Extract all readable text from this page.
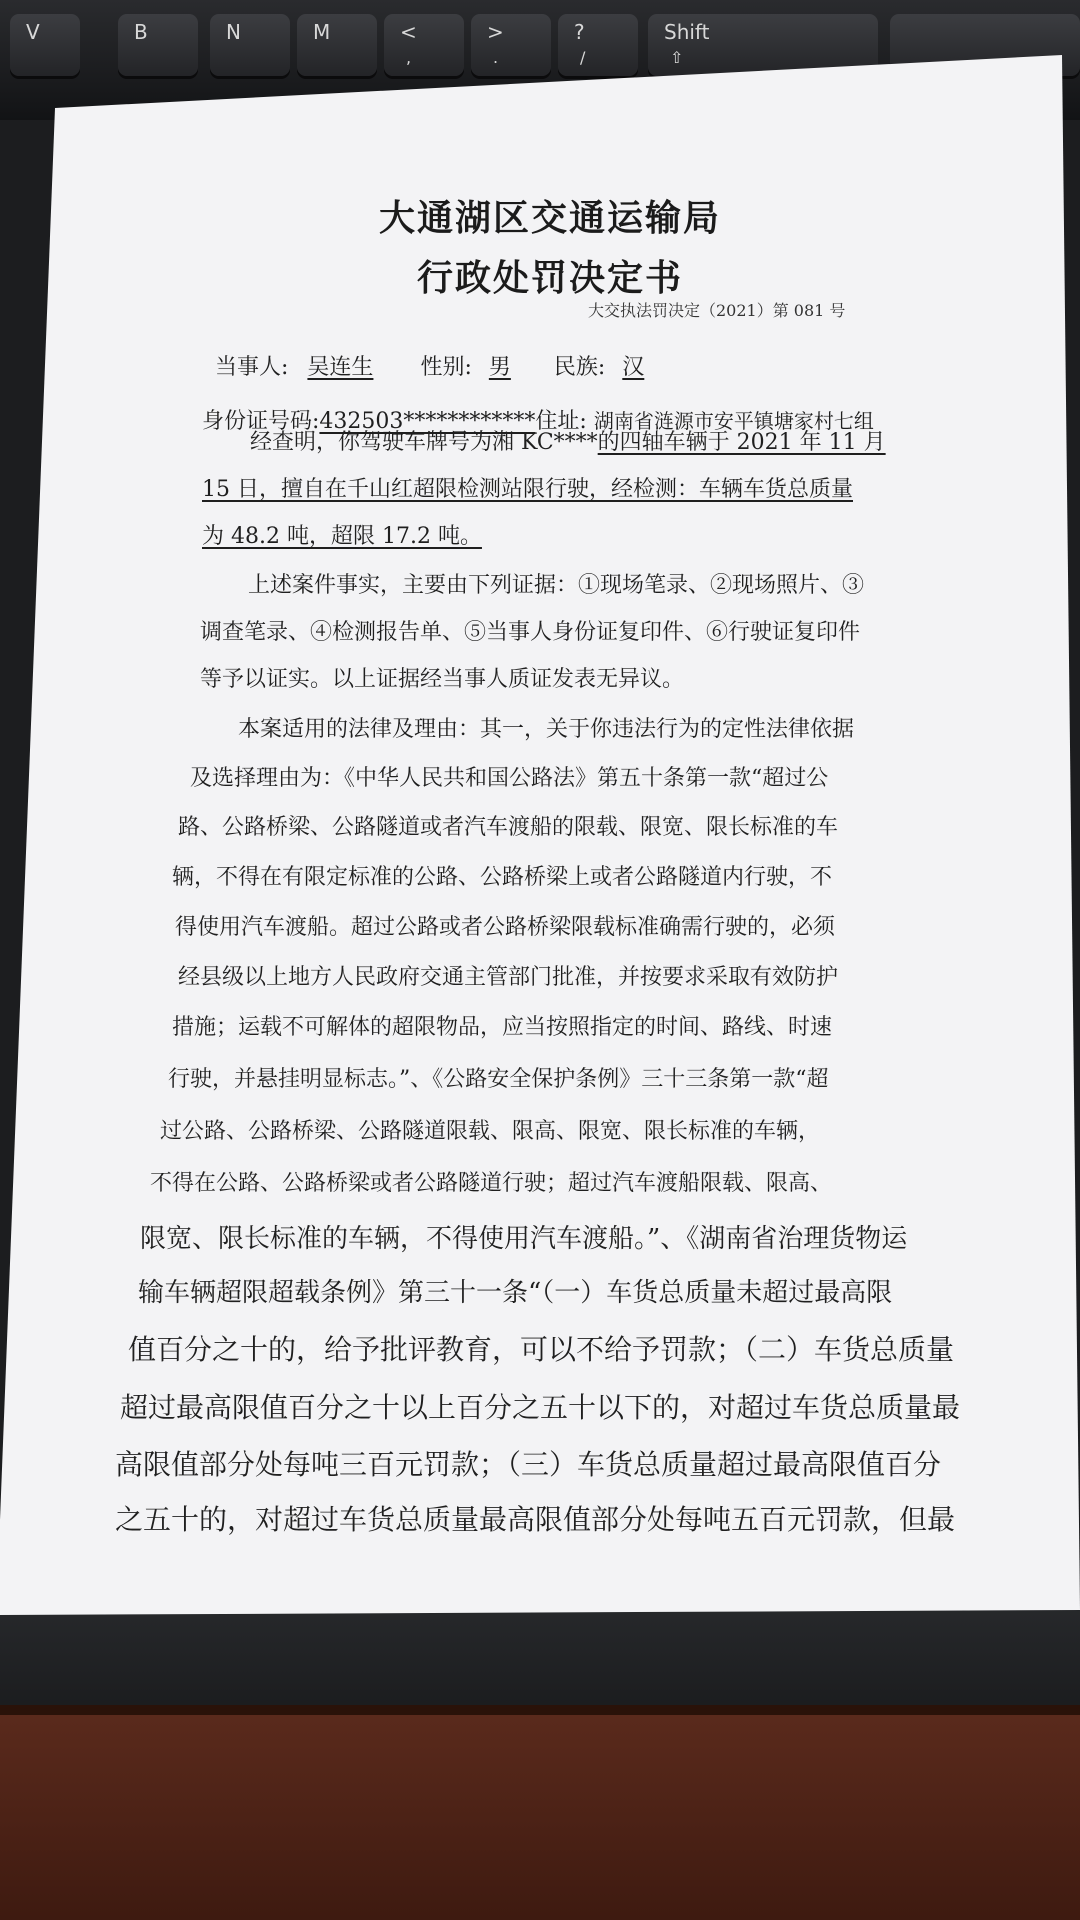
V	B	N	M	<
,
>
.
?
/
Shift
⇧
大通湖区交通运输局
行政处罚决定书
大交执法罚决定（2021）第 081 号
当事人: 吴连生 性别: 男 民族: 汉
身份证号码:432503************住址: 湖南省涟源市安平镇塘家村七组
经查明，你驾驶车牌号为湘 KC****的四轴车辆于 2021 年 11 月
15 日，擅自在千山红超限检测站限行驶，经检测：车辆车货总质量
为 48.2 吨，超限 17.2 吨。
上述案件事实，主要由下列证据：①现场笔录、②现场照片、③
调查笔录、④检测报告单、⑤当事人身份证复印件、⑥行驶证复印件
等予以证实。以上证据经当事人质证发表无异议。
本案适用的法律及理由：其一，关于你违法行为的定性法律依据
及选择理由为：《中华人民共和国公路法》第五十条第一款“超过公
路、公路桥梁、公路隧道或者汽车渡船的限载、限宽、限长标准的车
辆，不得在有限定标准的公路、公路桥梁上或者公路隧道内行驶，不
得使用汽车渡船。超过公路或者公路桥梁限载标准确需行驶的，必须
经县级以上地方人民政府交通主管部门批准，并按要求采取有效防护
措施；运载不可解体的超限物品，应当按照指定的时间、路线、时速
行驶，并悬挂明显标志。”、《公路安全保护条例》三十三条第一款“超
过公路、公路桥梁、公路隧道限载、限高、限宽、限长标准的车辆，
不得在公路、公路桥梁或者公路隧道行驶；超过汽车渡船限载、限高、
限宽、限长标准的车辆，不得使用汽车渡船。”、《湖南省治理货物运
输车辆超限超载条例》第三十一条“（一）车货总质量未超过最高限
值百分之十的，给予批评教育，可以不给予罚款；（二）车货总质量
超过最高限值百分之十以上百分之五十以下的，对超过车货总质量最
高限值部分处每吨三百元罚款；（三）车货总质量超过最高限值百分
之五十的，对超过车货总质量最高限值部分处每吨五百元罚款，但最
